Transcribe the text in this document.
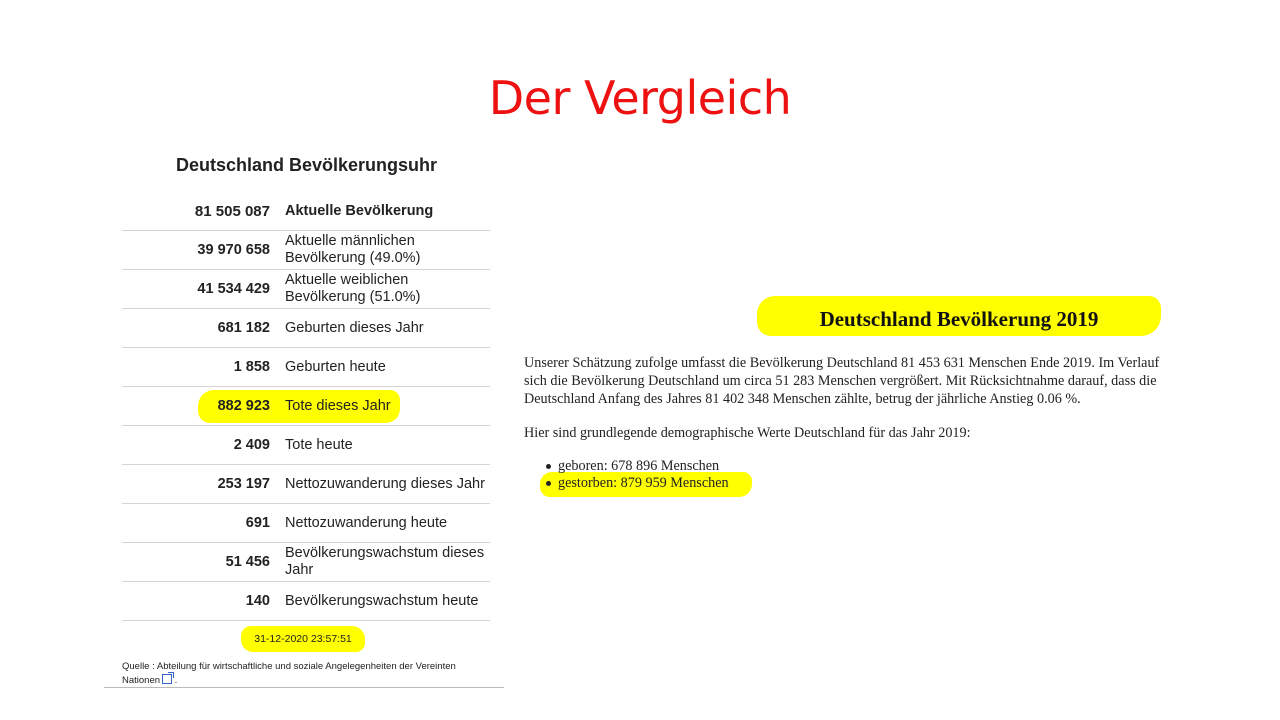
Der Vergleich
Deutschland Bevölkerungsuhr
81 505 087 Aktuelle Bevölkerung
39 970 658
Aktuelle männlichen Bevölkerung (49.0%)
41 534 429
Aktuelle weiblichen Bevölkerung (51.0%)
681 182 Geburten dieses Jahr
1 858 Geburten heute
882 923 Tote dieses Jahr
2 409 Tote heute
253 197 Nettozuwanderung dieses Jahr
691 Nettozuwanderung heute
51 456
Bevölkerungswachstum dieses Jahr
140 Bevölkerungswachstum heute
31-12-2020 23:57:51
Quelle : Abteilung für wirtschaftliche und soziale Angelegenheiten der Vereinten Nationen .
Deutschland Bevölkerung 2019
Unserer Schätzung zufolge umfasst die Bevölkerung Deutschland 81 453 631 Menschen Ende 2019. Im Verlauf
sich die Bevölkerung Deutschland um circa 51 283 Menschen vergrößert. Mit Rücksichtnahme darauf, dass die
Deutschland Anfang des Jahres 81 402 348 Menschen zählte, betrug der jährliche Anstieg 0.06 %.
Hier sind grundlegende demographische Werte Deutschland für das Jahr 2019:
geboren: 678 896 Menschen
gestorben: 879 959 Menschen
